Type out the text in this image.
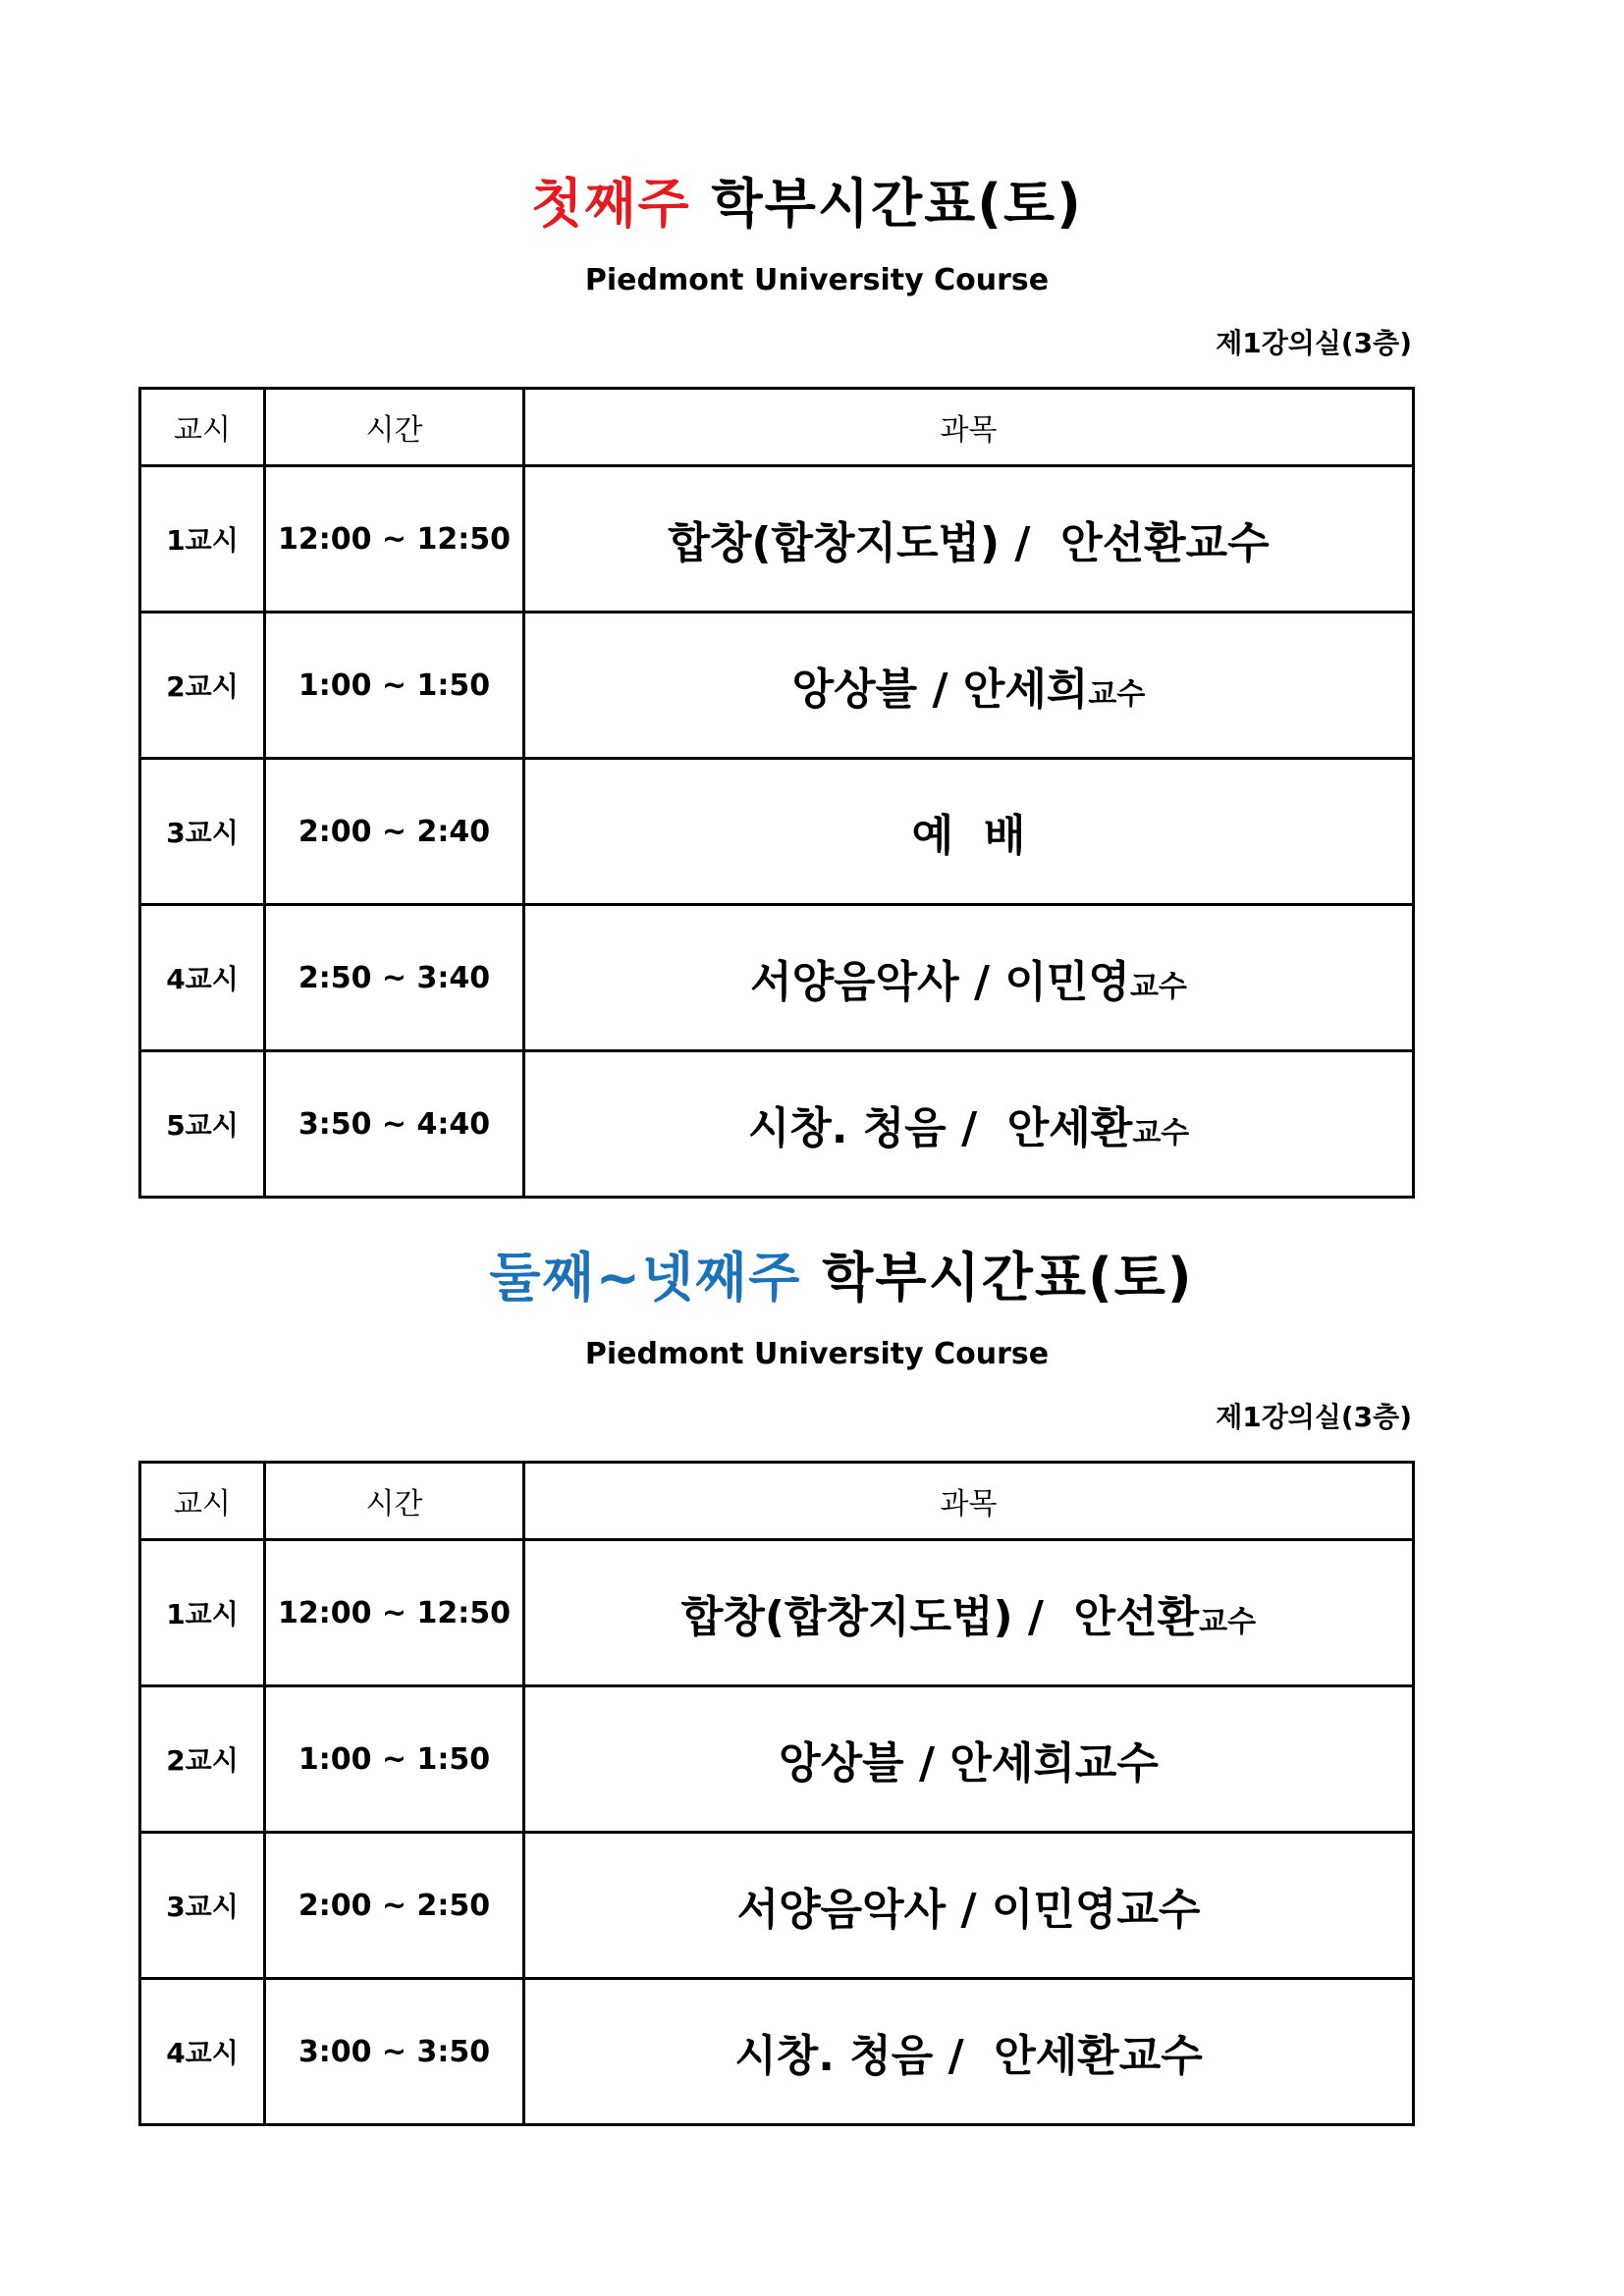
첫째주 학부시간표(토)
Piedmont University Course
제1강의실(3층)
교시	시간	과목
1교시	12:00 ~ 12:50	합창(합창지도법) /  안선환교수
2교시	1:00 ~ 1:50	앙상블 / 안세희교수
3교시	2:00 ~ 2:40	예  배
4교시	2:50 ~ 3:40	서양음악사 / 이민영교수
5교시	3:50 ~ 4:40	시창. 청음 /  안세환교수
둘째~넷째주 학부시간표(토)
Piedmont University Course
제1강의실(3층)
교시	시간	과목
1교시	12:00 ~ 12:50	합창(합창지도법) /  안선환교수
2교시	1:00 ~ 1:50	앙상블 / 안세희교수
3교시	2:00 ~ 2:50	서양음악사 / 이민영교수
4교시	3:00 ~ 3:50	시창. 청음 /  안세환교수
